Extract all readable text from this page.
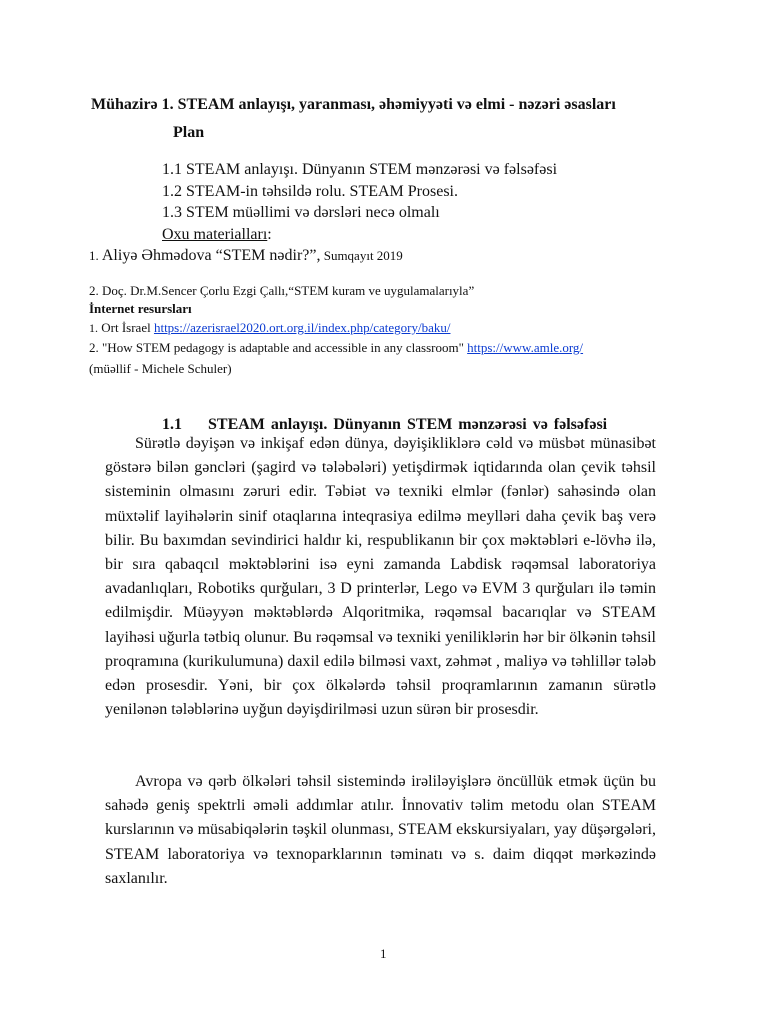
Mühazirə 1. STEAM anlayışı, yaranması, əhəmiyyəti və elmi - nəzəri əsasları
Plan
1.1 STEAM anlayışı. Dünyanın STEM mənzərəsi və fəlsəfəsi
1.2 STEAM-in təhsildə rolu. STEAM Prosesi.
1.3 STEM müəllimi və dərsləri necə olmalı
Oxu materialları:
1. Aliyə Əhmədova “STEM nədir?”, Sumqayıt 2019
2. Doç. Dr.M.Sencer Çorlu Ezgi Çallı,“STEM kuram ve uygulamalarıyla”
İnternet resursları
1. Ort İsrael https://azerisrael2020.ort.org.il/index.php/category/baku/
2. "How STEM pedagogy is adaptable and accessible in any classroom" https://www.amle.org/
(müəllif - Michele Schuler)
1.1 STEAM anlayışı. Dünyanın STEM mənzərəsi və fəlsəfəsi

Sürətlə dəyişən və inkişaf edən dünya, dəyişikliklərə cəld və müsbət münasibət göstərə bilən gəncləri (şagird və tələbələri) yetişdirmək iqtidarında olan çevik təhsil sisteminin olmasını zəruri edir. Təbiət və texniki elmlər (fənlər) sahəsində olan müxtəlif layihələrin sinif otaqlarına inteqrasiya edilmə meylləri daha çevik baş verə bilir. Bu baxımdan sevindirici haldır ki, respublikanın bir çox məktəbləri e-lövhə ilə, bir sıra qabaqcıl məktəblərini isə eyni zamanda Labdisk rəqəmsal laboratoriya avadanlıqları, Robotiks qurğuları, 3 D printerlər, Lego və EVM 3 qurğuları ilə təmin edilmişdir. Müəyyən məktəblərdə Alqoritmika, rəqəmsal bacarıqlar və STEAM layihəsi uğurla tətbiq olunur. Bu rəqəmsal və texniki yeniliklərin hər bir ölkənin təhsil proqramına (kurikulumuna) daxil edilə bilməsi vaxt, zəhmət , maliyə və təhlillər tələb edən prosesdir. Yəni, bir çox ölkələrdə təhsil proqramlarının zamanın sürətlə yenilənən tələblərinə uyğun dəyişdirilməsi uzun sürən bir prosesdir.

Avropa və qərb ölkələri təhsil sistemində irəliləyişlərə öncüllük etmək üçün bu sahədə geniş spektrli əməli addımlar atılır. İnnovativ təlim metodu olan STEAM kurslarının və müsabiqələrin təşkil olunması, STEAM ekskursiyaları, yay düşərgələri, STEAM laboratoriya və texnoparklarının təminatı və s. daim diqqət mərkəzində saxlanılır.

1
